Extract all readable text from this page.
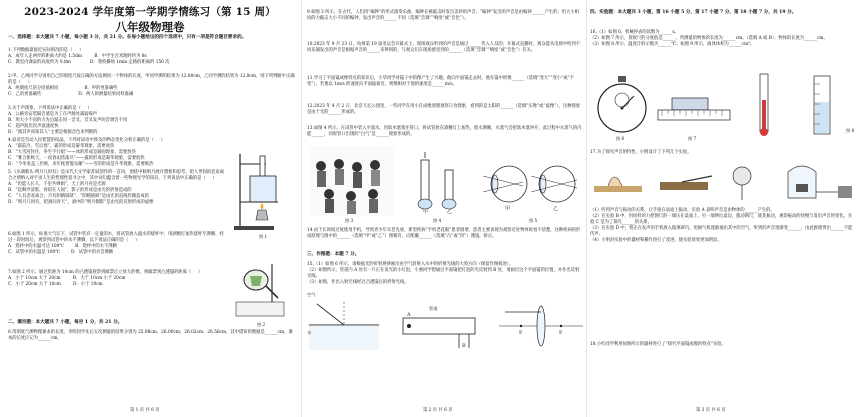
2023-2024 学年度第一学期学情练习（第 15 周）
八年级物理卷
一、选择题：本大题共 7 小题，每小题 3 分，共 21 分。在每小题给出的四个选项中，只有一项是符合题目要求的。
1.下列数据最接近实际情况的是（     ）
A．成年人走两步的距离大约是 1.5dm         B．中学生百米跑时约为 8s
C．教室内课桌的高度约为 0.8m              D．我校操场 1min 走路的距离约 150 次
2.甲、乙两同学分别用自己的刻度尺按正确的方法测同一个物体的长度，甲同学测的结果为 12.80cm，乙同学测的结果为 12.8cm，则下列判断中正确的是（     ）
A．两刻度尺的分度值相同                   B．甲的更准确些
C．乙的更准确些                           D．两人的测量结果同样准确
3.关于声现象，下列说法中正确的是（     ）
A．公路旁安装隔音墙是为了在声源处减弱噪声
B．用大小不同的力先后敲击同一音叉，音叉发声的音调会不同
C．超声波比次声波速度快
D．“闻其声而知其人”主要是根据音色来判断的
4.谚语是劳动人民智慧的结晶，下列对谚语中涉及的物态变化分析正确的是（     ）
A．“霜前冷，雪后寒”，霜的形成是凝华现象，需要放热
B．“大雪河封住，冬至不行船”——冰的形成是凝固现象，需要放热
C．“雾合新秋天，一夜春雨皆荡尽”——露的形成是凝华现象，需要放热
D．“今冬麦盖三层被，来年枕着馒头睡”——雪的形成是升华现象，需要吸热
5.《水调歌头·明月几时有》是宋代大文学家苏轼创作的一首词，围绕中秋明月展开想象和思考，把人世间的悲欢离合之情纳入对宇宙人生的哲理性追寻之中，其中词句蕴含着一些物理光学的知识，下列说法中正确的是（     ）
A．“但愿人长久，千里共婵娟”，天上的月亮是光源
B．“起舞弄清影，何似在人间”，影子的形成是由光的折射造成的
C．“人有悲欢离合，月有阴晴圆缺”，“阴晴圆缺”是由光的直线传播造成的
D．“明月几时有，把酒问青天”，酒中的“明月倒影”是由光的反射形成的虚像
6.如图 1 所示，标准大气压下，试管中装有一定量的水，将试管放入盛水的烧杯中，用酒精灯加热烧杯至沸腾，经过一段时间后，观察到试管中的水不沸腾，以下说法正确的是（     ）
A．烧杯中的水温可达 100℃        B．烧杯中的水不沸腾
C．试管中的水温是 100℃        D．试管中的水会沸腾
7.如图 2 所示，通过焦距为 10cm 的凸透镜观察到邮票正立放大的像，则邮票到凸透镜的距离（     ）
A．小于 10cm 大于 20cm         B．大于 10cm 小于 20cm
C．小于 20cm 大于 10cm         D．小于 10cm
二、填空题：本大题共 7 小题，每空 1 分，共 21 分。
8.用刻度尺测物理课本的长度，李明同学先后五次测量的结果分别为 25.98cm、26.00cm、26.02cm、26.56cm，其中错误的数据是______cm，课本的长度应记为______cm。
图 1
图 2
第 1 页 共 6 页
9.如图 3 所示，在古代，人们用“编钟”的形式演奏乐曲，编钟在被敲击时发出美妙的声音，“编钟”发出的声音是由编钟______产生的；用大小相同的力敲击大小不同的编钟，发出声音的______不同（选填“音调”“响度”或“音色”）。
10.2023 年 9 月 23 日，杭州第 19 届亚运会开幕式上，现场观众听到的声音是通过______传入人耳的；开幕式直播时，观众能从电视中听到不同乐器发出的声音是根据声音的______来辨别的，与观众们在现场感受到的______（选填“音调”“响度”或“音色”）有关。
11.学习了平面镜成像特点的知识后，小华同学对镜子中的像产生了兴趣。他向平面镜走去时，他在镜中的像______（选填“变大”“变小”或“不变”），若他以 1m/s 的速度向平面镜靠近，则像相对于他的速度是______m/s。
12.2023 年 4 月 2 日，北京天坛公园里，一些同学在用小孔成像原理观察日食现象，看到的是太阳的______（选填“实像”或“虚像”），这种现象是由于光的______形成的。
13.如图 4 所示，在试管中装入少量水，用软木塞塞住管口，将试管放在酒精灯上加热，使水沸腾，水蒸气会把软木塞冲开，此过程中水蒸气的内能______，同时管口出现的“白气”是______现象形成的。
图 3
甲	乙
图 4
甲	乙
图 5
14.由于长时间过度使用手机，导致青少年未老先衰，新型疾病“手机老花眼”患者剧增，患者主要表现为观察近处物体时看不清楚，这种疾病的形成原理与图中的______（选填“甲”或“乙”）图相符，应配戴______（选填“凸”或“凹”）透镜，矫正。
三、作图题：本题 7 分。
15.（1）如图 6 所示，请根据光的折射规律画出由空气斜射入水中的折射光线的大致方向（保留作图痕迹）。
（2）如图所示，管道内 A 处有一只正在发光的小灯泡，小強同学想通过平面镜把灯泡的光反射到 B 处，请画出这个平面镜的位置，并作出反射光线。
（3）如图，作出入射光线经过凸透镜后的折射光线。
空气
水
A
B
管道
F	F
第 2 页 共 6 页
四、实验题：本大题共 3 小题，第 16 小题 5 分，第 17 小题 7 分，第 18 小题 7 分，共 19 分。
16.（1）如图 6，机械停表的读数为______s。
（2）如图 7 所示，刻度尺的分度值是______，所测量的物体的长度为______cm。（选填 A 或 B）；物体的长度为______cm。
（3）如图 8 所示，温度计的示数为______℃；如图 9 所示，液体体积为______cm³。
图 6	图 7
图 8
17.为了探究声音的特性，小明设计了下列几个实验。
（1）听到声音与振动的关系，让手指在桌面上振动，实验 A 表明声音是由物体的______产生的。
（2）在实验 B 中，用同样的力把钢尺的一端压在桌面上，另一端伸出桌边，拨动钢尺，使其振动，观察振动的快慢与发出声音的变化。实验 C 是为了探究______的关系。
（3）在实验 D 中，将正在发声的手机放入玻璃罩内，用抽气机逐渐抽出其中的空气，听到的声音逐渐变______，由此推理得出______不能传声。
（4）小明对实验中的器材和操作进行了改进，使实验效果更加明显。
18.小红同学利用如图所示的器材进行了“探究平面镜成像的特点”实验。
第 3 页 共 6 页
